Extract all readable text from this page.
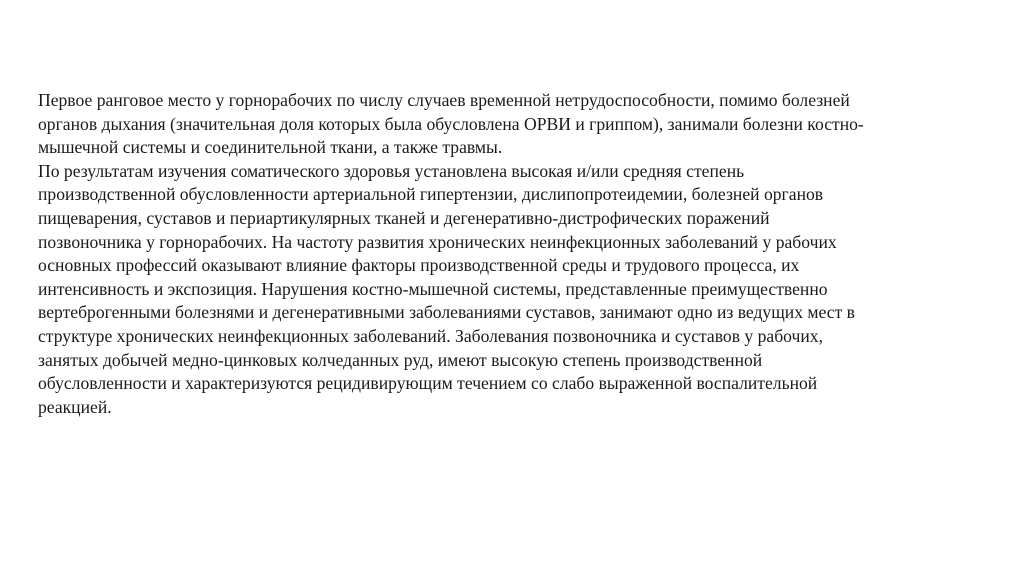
Первое ранговое место у горнорабочих по числу случаев временной нетрудоспособности, помимо болезней
органов дыхания (значительная доля которых была обусловлена ОРВИ и гриппом), занимали болезни костно-
мышечной системы и соединительной ткани, а также травмы.
По результатам изучения соматического здоровья установлена высокая и/или средняя степень
производственной обусловленности артериальной гипертензии, дислипопротеидемии, болезней органов
пищеварения, суставов и периартикулярных тканей и дегенеративно-дистрофических поражений
позвоночника у горнорабочих. На частоту развития хронических неинфекционных заболеваний у рабочих
основных профессий оказывают влияние факторы производственной среды и трудового процесса, их
интенсивность и экспозиция. Нарушения костно-мышечной системы, представленные преимущественно
вертеброгенными болезнями и дегенеративными заболеваниями суставов, занимают одно из ведущих мест в
структуре хронических неинфекционных заболеваний. Заболевания позвоночника и суставов у рабочих,
занятых добычей медно-цинковых колчеданных руд, имеют высокую степень производственной
обусловленности и характеризуются рецидивирующим течением со слабо выраженной воспалительной
реакцией.
